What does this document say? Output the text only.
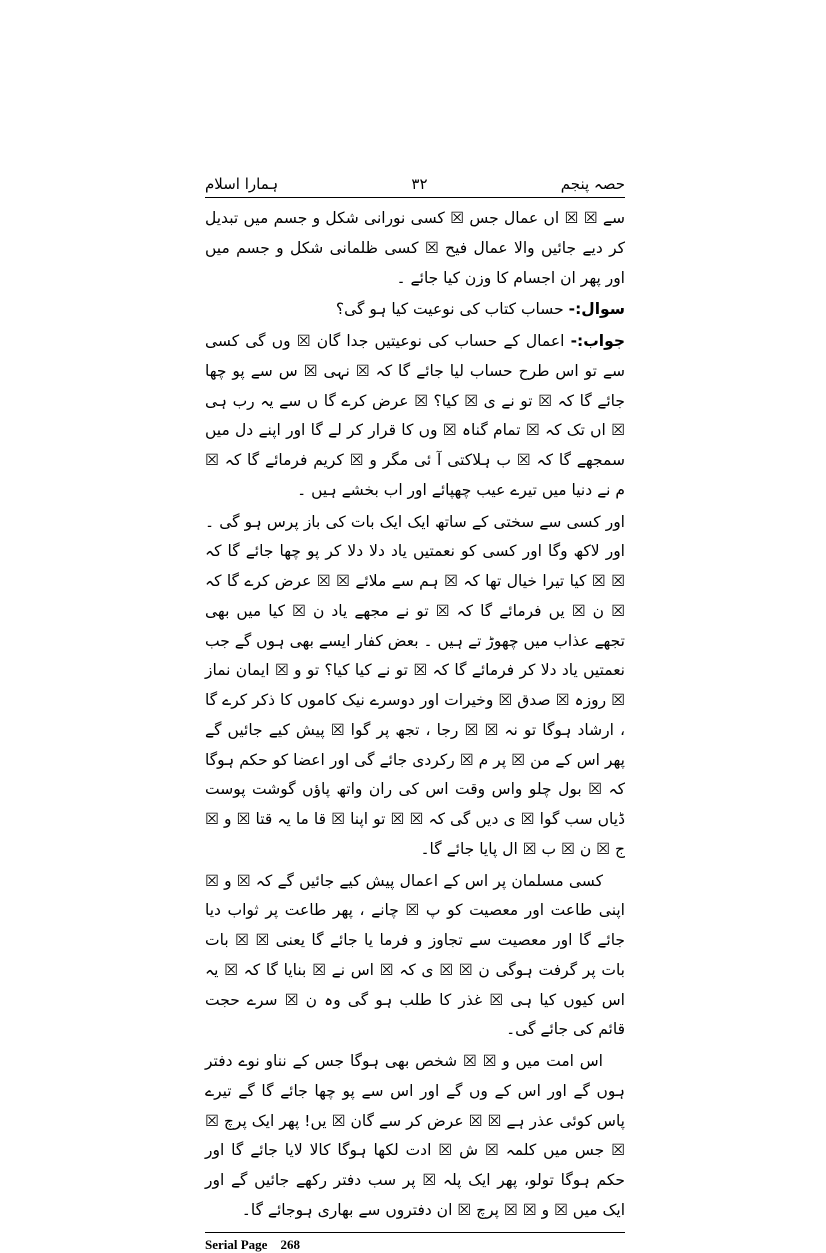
ہمارا اسلام	۳۲	حصہ پنجم

سے ☒ ☒ اں عمال جس ☒ کسی نورانی شکل و جسم میں تبدیل کر دیے جائیں والا عمال فیح ☒ کسی ظلمانی شکل و جسم میں اور پھر ان اجسام کا وزن کیا جائے ۔

سوال:- حساب کتاب کی نوعیت کیا ہو گی؟

جواب:- اعمال کے حساب کی نوعیتیں جدا گان ☒ وں گی کسی سے تو اس طرح حساب لیا جائے گا کہ ☒ نہی ☒ س سے پو چھا جائے گا کہ ☒ تو نے ی ☒ کیا؟ ☒ عرض کرے گا ں سے یہ رب ہی ☒ اں تک کہ ☒ تمام گناہ ☒ وں کا قرار کر لے گا اور اپنے دل میں سمجھے گا کہ ☒ ب ہلاکتی آ ئی مگر و ☒ کریم فرمائے گا کہ ☒ م نے دنیا میں تیرے عیب چھپائے اور اب بخشے ہیں ۔

اور کسی سے سختی کے ساتھ ایک ایک بات کی باز پرس ہو گی ۔ اور لاکھ وگا اور کسی کو نعمتیں یاد دلا دلا کر پو چھا جائے گا کہ ☒ ☒ کیا تیرا خیال تھا کہ ☒ ہم سے ملائے ☒ ☒ عرض کرے گا کہ ☒ ن ☒ یں فرمائے گا کہ ☒ تو نے مجھے یاد ن ☒ کیا میں بھی تجھے عذاب میں چھوڑ تے ہیں ۔ بعض کفار ایسے بھی ہوں گے جب نعمتیں یاد دلا کر فرمائے گا کہ ☒ تو نے کیا کیا؟ تو و ☒ ایمان نماز ☒ روزہ ☒ صدق ☒ وخیرات اور دوسرے نیک کاموں کا ذکر کرے گا ، ارشاد ہوگا تو نہ ☒ ☒ رجا ، تجھ پر گوا ☒ پیش کیے جائیں گے پھر اس کے من ☒ پر م ☒ رکردی جائے گی اور اعضا کو حکم ہوگا کہ ☒ بول چلو واس وقت اس کی ران واتھ پاؤں گوشت پوست ڈیاں سب گوا ☒ ی دیں گی کہ ☒ ☒ تو اپنا ☒ قا ما یہ قتا ☒ و ☒ ج ☒ ن ☒ ب ☒ ال پایا جائے گا۔

کسی مسلمان پر اس کے اعمال پیش کیے جائیں گے کہ ☒ و ☒ اپنی طاعت اور معصیت کو پ ☒ چانے ، پھر طاعت پر ثواب دیا جائے گا اور معصیت سے تجاوز و فرما یا جائے گا یعنی ☒ ☒ بات بات پر گرفت ہوگی ن ☒ ☒ ی کہ ☒ اس نے ☒ بنایا گا کہ ☒ یہ اس کیوں کیا ہی ☒ غذر کا طلب ہو گی وہ ن ☒ سرے حجت قائم کی جائے گی۔

اس امت میں و ☒ ☒ شخص بھی ہوگا جس کے نناو نوے دفتر ہوں گے اور اس کے وں گے اور اس سے پو چھا جائے گا گے تیرے پاس کوئی عذر ہے ☒ ☒ عرض کر سے گان ☒ یں! پھر ایک پرچ ☒ ☒ جس میں کلمہ ☒ ش ☒ ادت لکھا ہوگا کالا لایا جائے گا اور حکم ہوگا تولو، پھر ایک پلہ ☒ پر سب دفتر رکھے جائیں گے اور ایک میں ☒ و ☒ ☒ پرچ ☒ ان دفتروں سے بھاری ہوجائے گا۔

Serial Page 268
